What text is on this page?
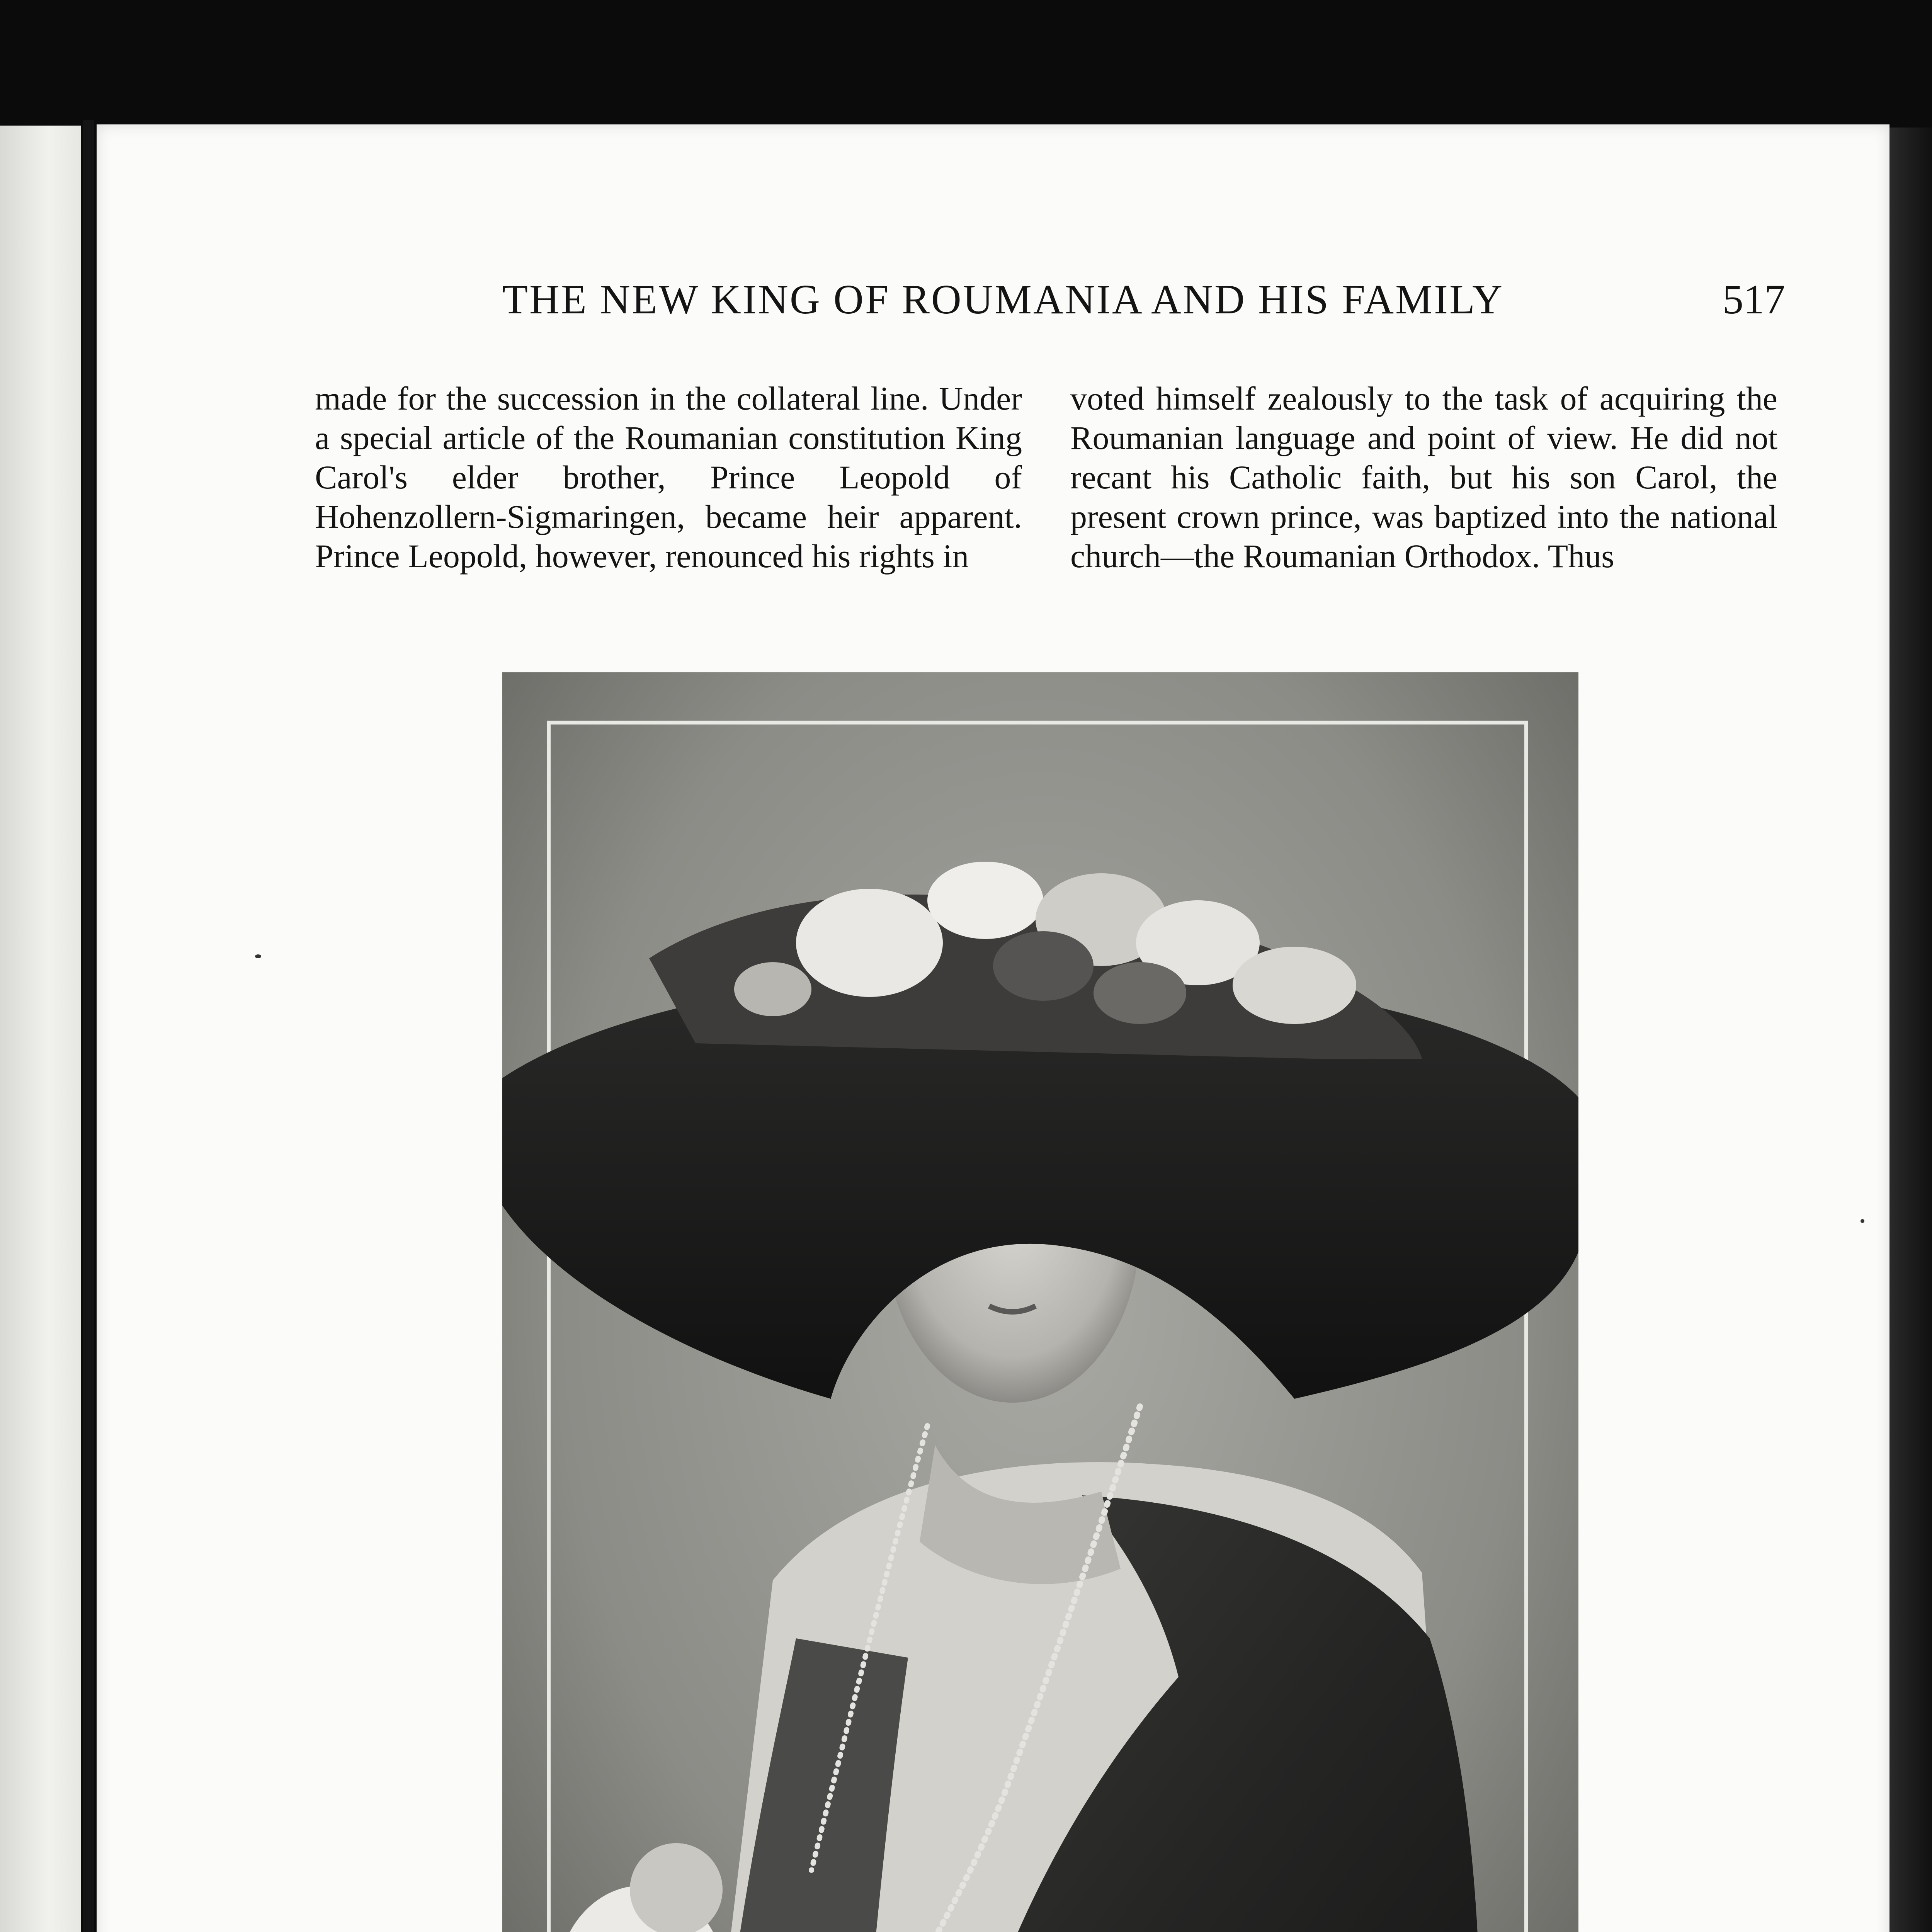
THE NEW KING OF ROUMANIA AND HIS FAMILY	517

made for the succession in the collateral line. Under a special article of the Roumanian constitution King Carol's elder brother, Prince Leopold of Hohenzollern-Sigmaringen, became heir apparent. Prince Leopold, however, renounced his rights in

voted himself zealously to the task of acquiring the Roumanian language and point of view. He did not recant his Catholic faith, but his son Carol, the present crown prince, was baptized into the national church—the Roumanian Orthodox. Thus
